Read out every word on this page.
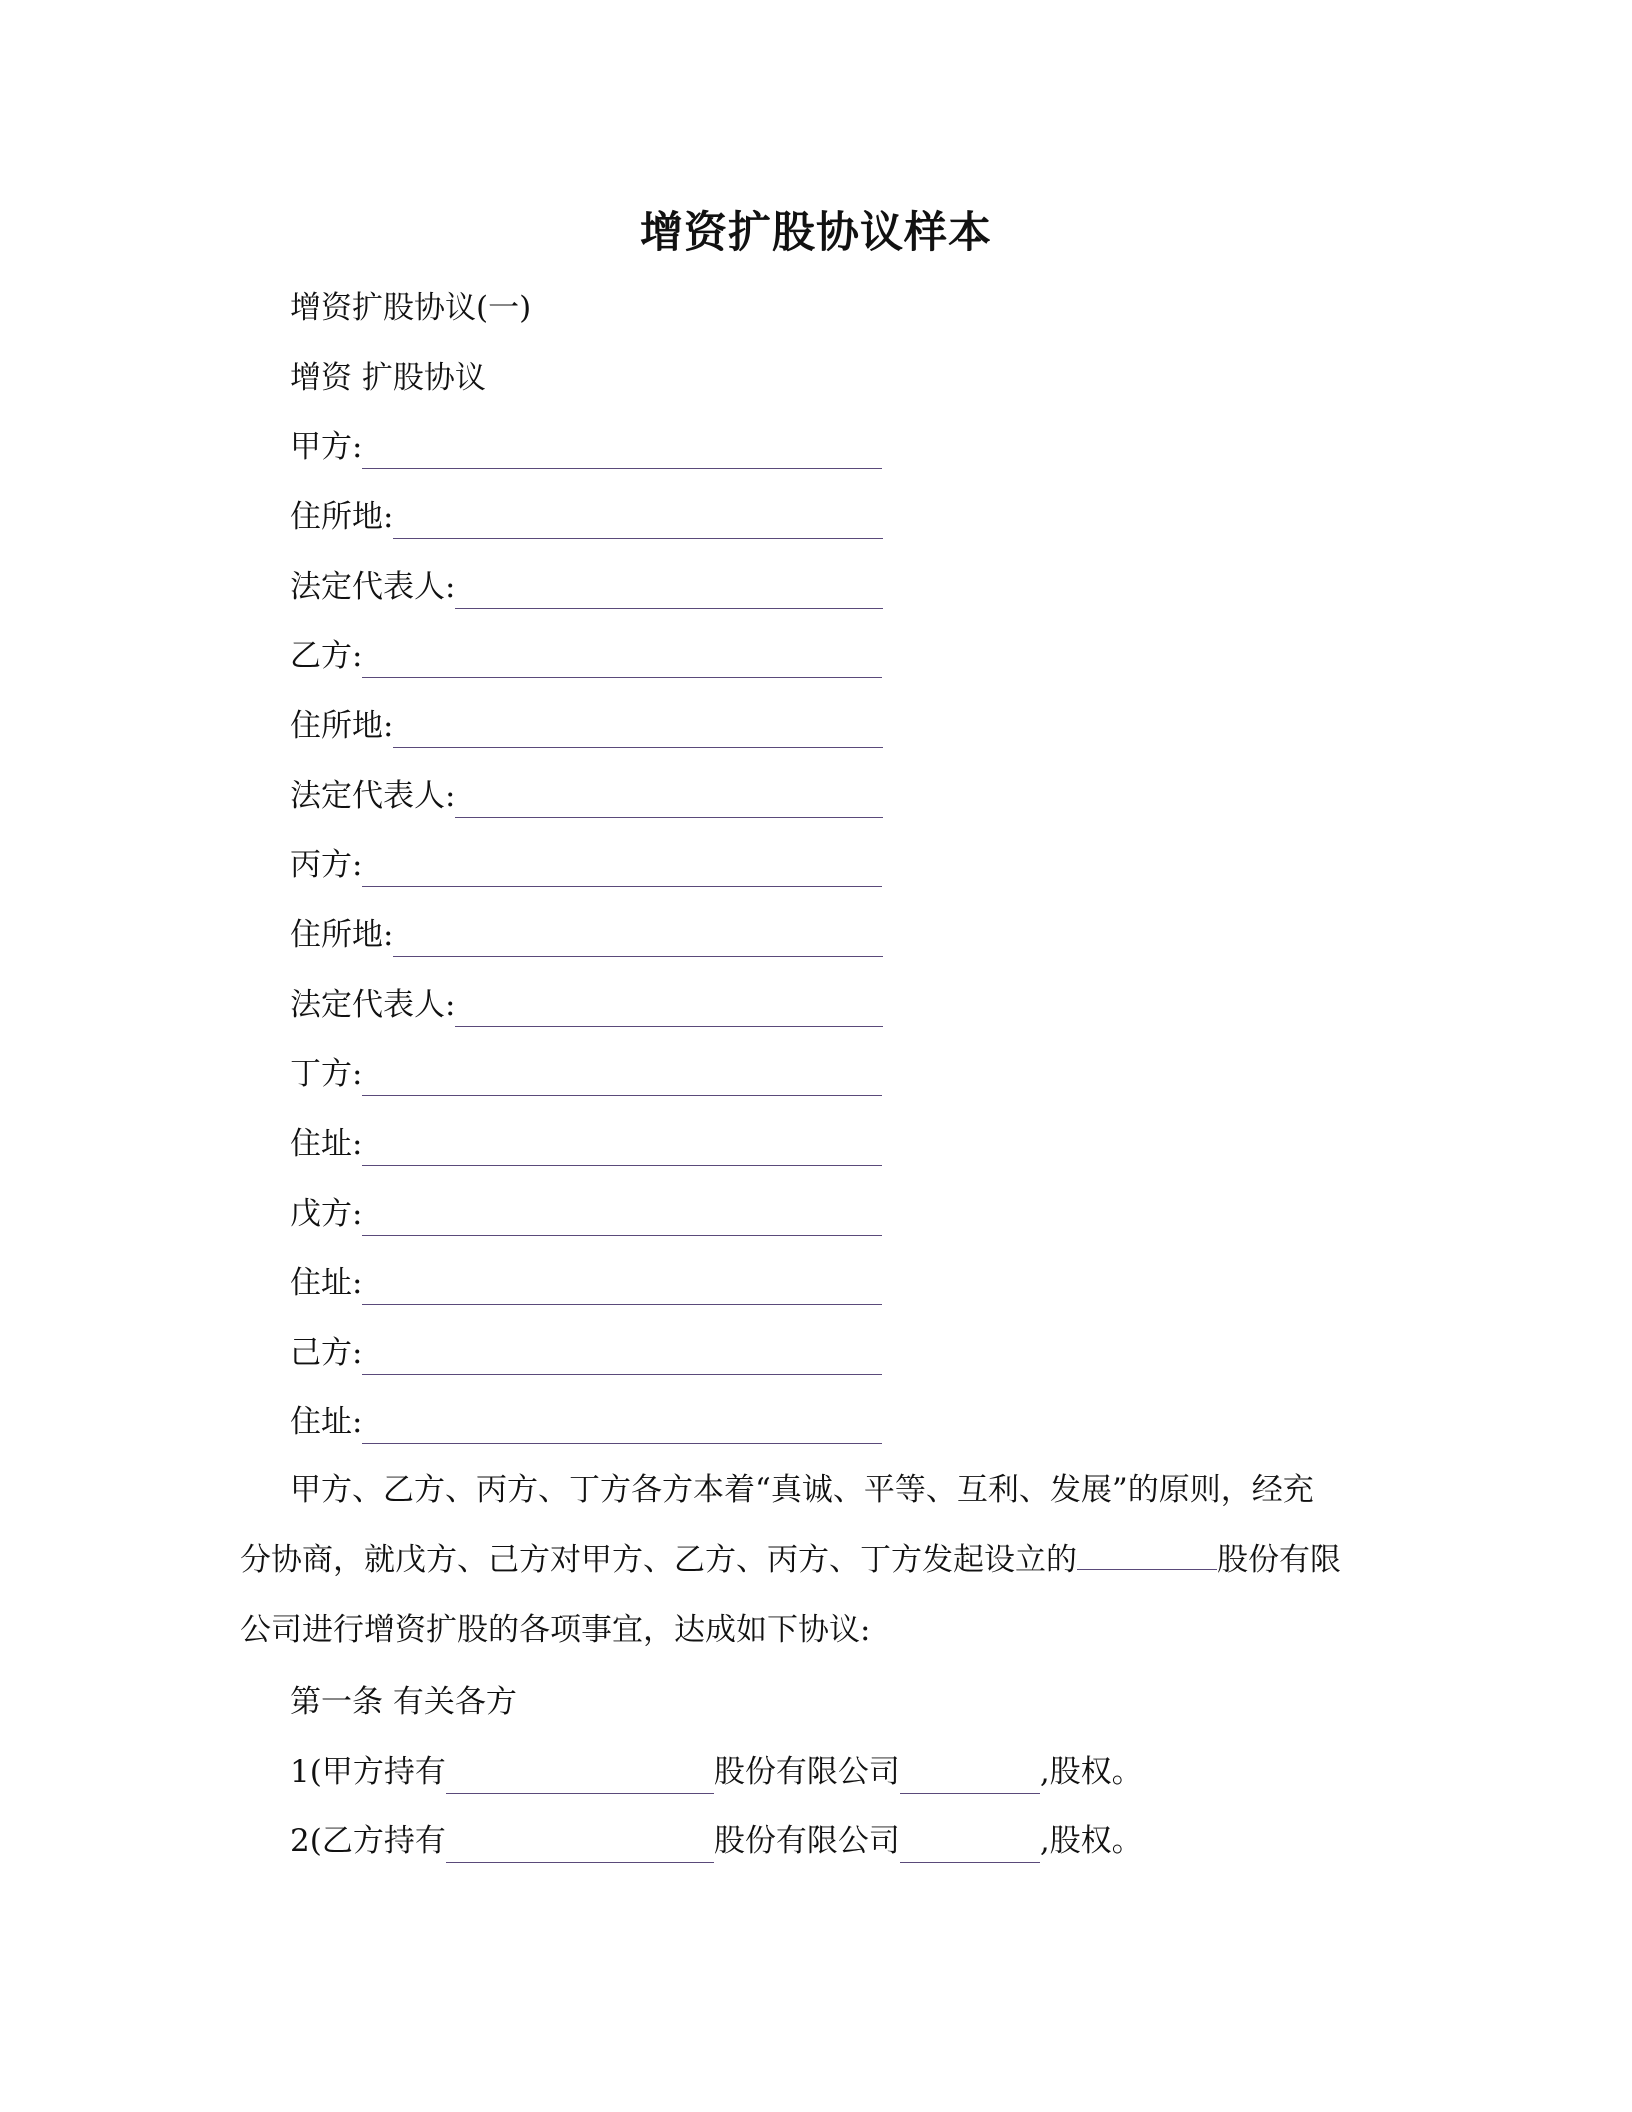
增资扩股协议样本
增资扩股协议(一)
增资 扩股协议
甲方:
住所地:
法定代表人:
乙方:
住所地:
法定代表人:
丙方:
住所地:
法定代表人:
丁方:
住址:
戊方:
住址:
己方:
住址:
甲方、乙方、丙方、丁方各方本着“真诚、平等、互利、发展”的原则，经充
分协商，就戊方、己方对甲方、乙方、丙方、丁方发起设立的	股份有限
公司进行增资扩股的各项事宜，达成如下协议:
第一条 有关各方
1(甲方持有	股份有限公司	,股权。
2(乙方持有	股份有限公司	,股权。
